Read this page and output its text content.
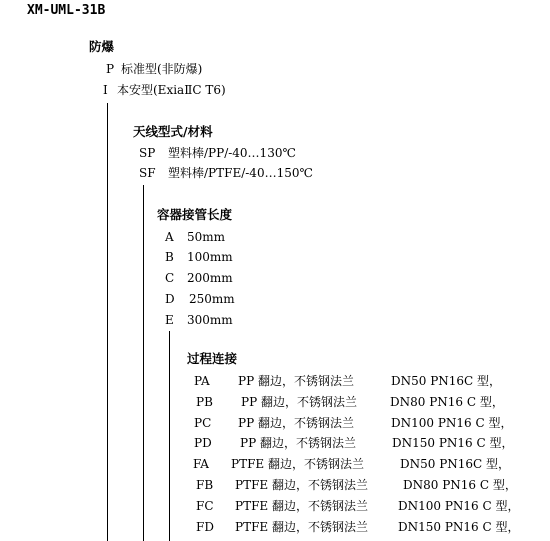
XM-UML-31B
防爆
P 标准型(非防爆)
I 本安型(ExiaⅡC T6)
天线型式/材料
SP 塑料棒/PP/-40…130℃
SF 塑料棒/PTFE/-40…150℃
容器接管长度
A 50mm
B 100mm
C 200mm
D 250mm
E 300mm
过程连接
PA PP 翻边，不锈钢法兰	DN50 PN16C 型，
PB PP 翻边，不锈钢法兰	DN80 PN16 C 型，
PC PP 翻边，不锈钢法兰	DN100 PN16 C 型，
PD PP 翻边，不锈钢法兰	DN150 PN16 C 型，
FA PTFE 翻边，不锈钢法兰	DN50 PN16C 型，
FB PTFE 翻边，不锈钢法兰	DN80 PN16 C 型，
FC PTFE 翻边，不锈钢法兰	DN100 PN16 C 型，
FD PTFE 翻边，不锈钢法兰	DN150 PN16 C 型，
